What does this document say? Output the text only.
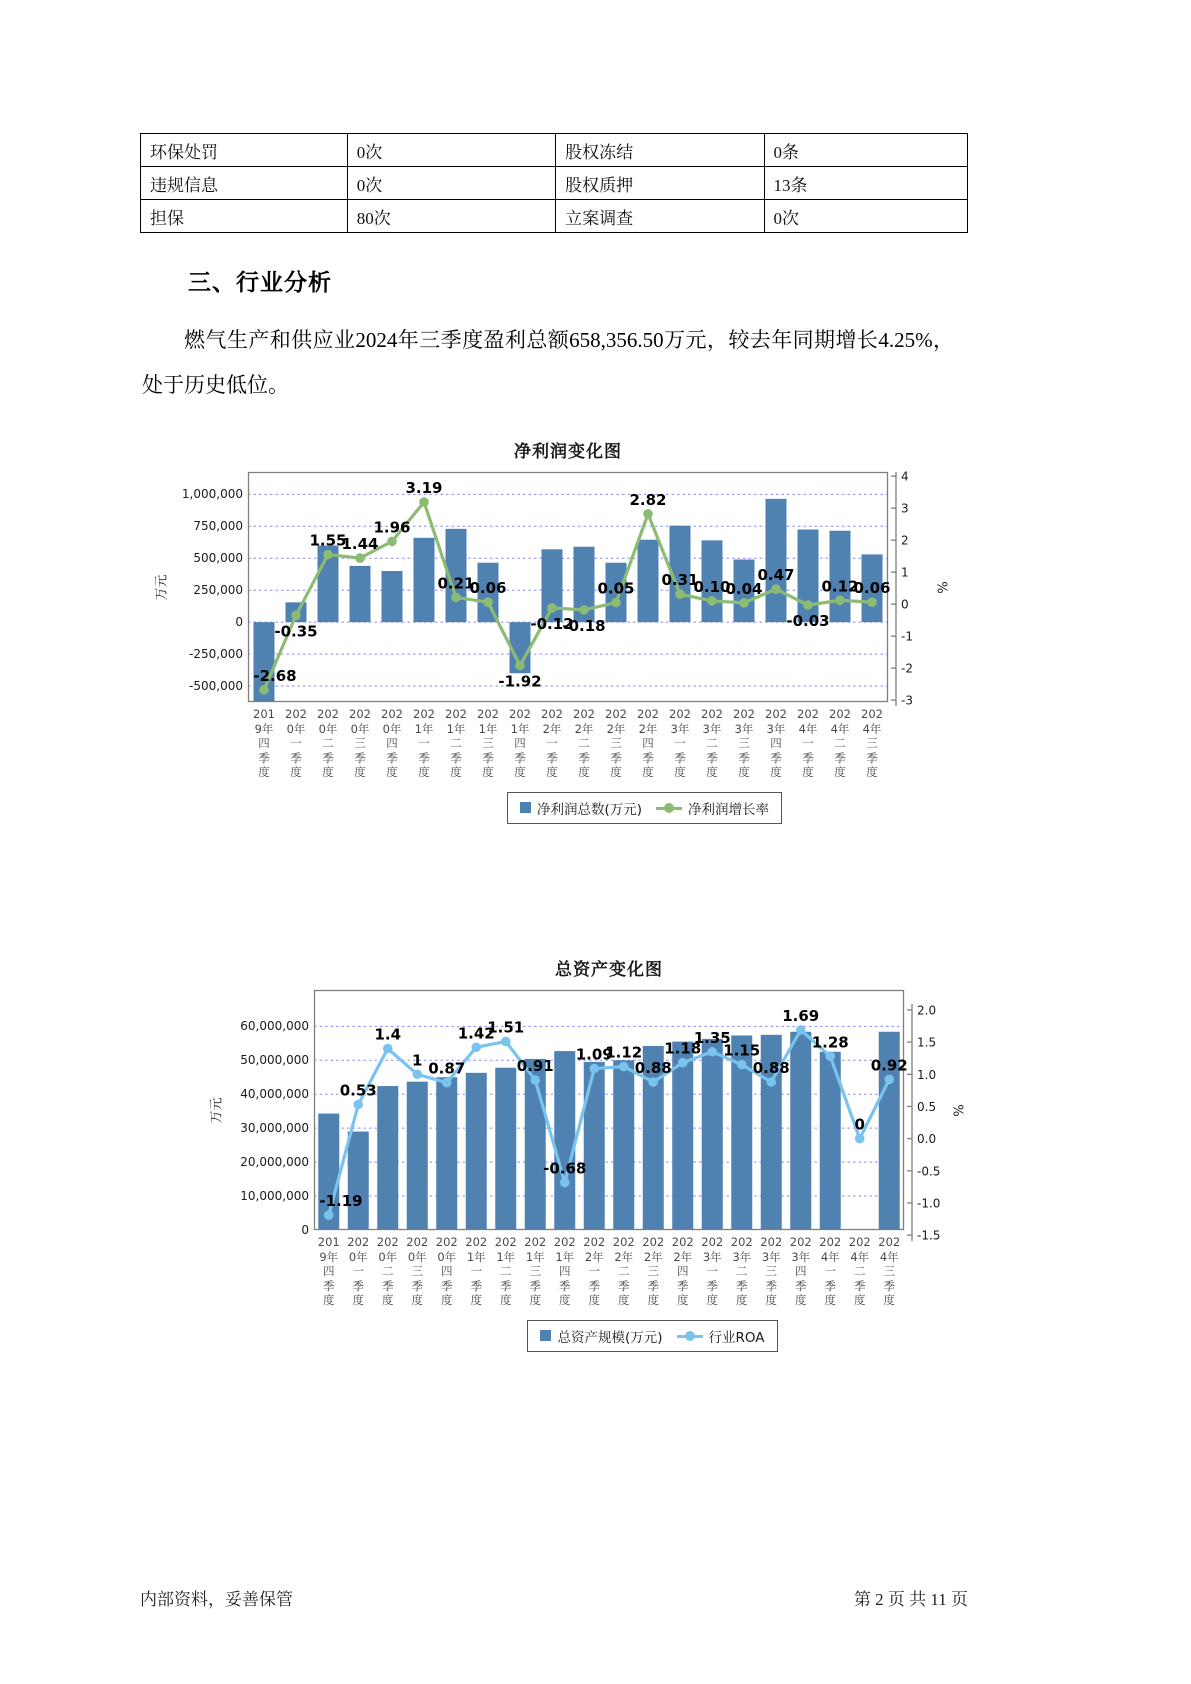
环保处罚	0次	股权冻结	0条
违规信息	0次	股权质押	13条
担保	80次	立案调查	0次
三、行业分析
燃气生产和供应业2024年三季度盈利总额658,356.50万元，较去年同期增长4.25%，处于历史低位。
净利润变化图
万元
1,000,000
750,000
500,000
250,000
0
-250,000
-500,000
-2.68
-0.35
1.55
1.44
1.96
3.19
0.21
0.06
-1.92
-0.12
-0.18
0.05
2.82
0.31
0.10
0.04
0.47
-0.03
0.12
0.06
201
9年
四
季
度
202
0年
一
季
度
202
0年
二
季
度
202
0年
三
季
度
202
0年
四
季
度
202
1年
一
季
度
202
1年
二
季
度
202
1年
三
季
度
202
1年
四
季
度
202
2年
一
季
度
202
2年
二
季
度
202
2年
三
季
度
202
2年
四
季
度
202
3年
一
季
度
202
3年
二
季
度
202
3年
三
季
度
202
3年
四
季
度
202
4年
一
季
度
202
4年
二
季
度
202
4年
三
季
度
4
3
2
1
0
-1
-2
-3
%
净利润总数(万元)	净利润增长率
总资产变化图
万元
60,000,000
50,000,000
40,000,000
30,000,000
20,000,000
10,000,000
0
-1.19
0.53
1.4
1 0.87
1.42
1.51
0.91
-0.68
1.09
1.12
0.88
1.18
1.35
1.15
0.88
1.69
1.28
0
0.92
201
9年
四
季
度
202
0年
一
季
度
202
0年
二
季
度
202
0年
三
季
度
202
0年
四
季
度
202
1年
一
季
度
202
1年
二
季
度
202
1年
三
季
度
202
1年
四
季
度
202
2年
一
季
度
202
2年
二
季
度
202
2年
三
季
度
202
2年
四
季
度
202
3年
一
季
度
202
3年
二
季
度
202
3年
三
季
度
202
3年
四
季
度
202
4年
一
季
度
202
4年
二
季
度
202
4年
三
季
度
2.0
1.5
1.0
0.5
0.0
-0.5
-1.0
-1.5
%
总资产规模(万元)	行业ROA
内部资料，妥善保管	第 2 页 共 11 页
